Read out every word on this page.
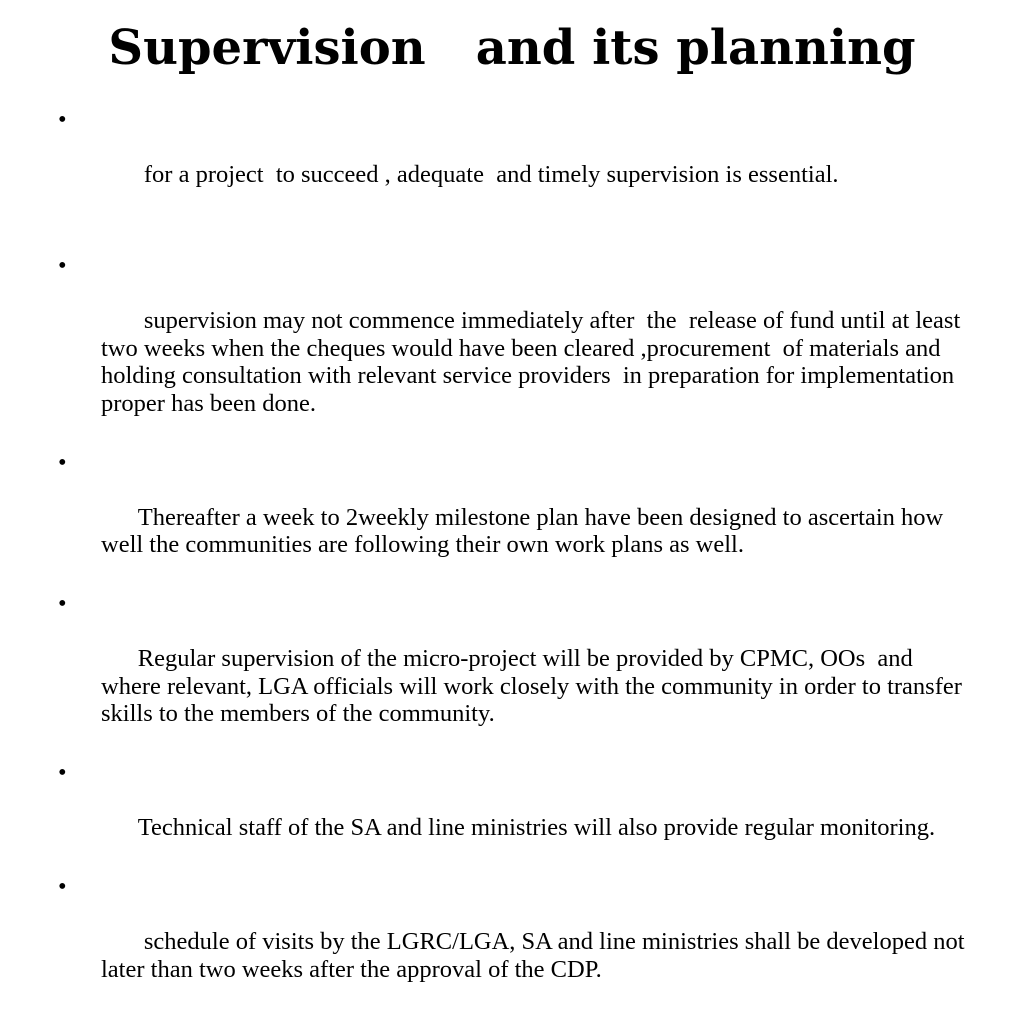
Supervision   and its planning

•

for a project  to succeed , adequate  and timely supervision is essential.

•

supervision may not commence immediately after  the  release of fund until at least two weeks when the cheques would have been cleared ,procurement  of materials and holding consultation with relevant service providers  in preparation for implementation proper has been done.

•

Thereafter a week to 2weekly milestone plan have been designed to ascertain how well the communities are following their own work plans as well.

•

Regular supervision of the micro-project will be provided by CPMC, OOs  and where relevant, LGA officials will work closely with the community in order to transfer skills to the members of the community.

•

Technical staff of the SA and line ministries will also provide regular monitoring.

•

schedule of visits by the LGRC/LGA, SA and line ministries shall be developed not later than two weeks after the approval of the CDP.
